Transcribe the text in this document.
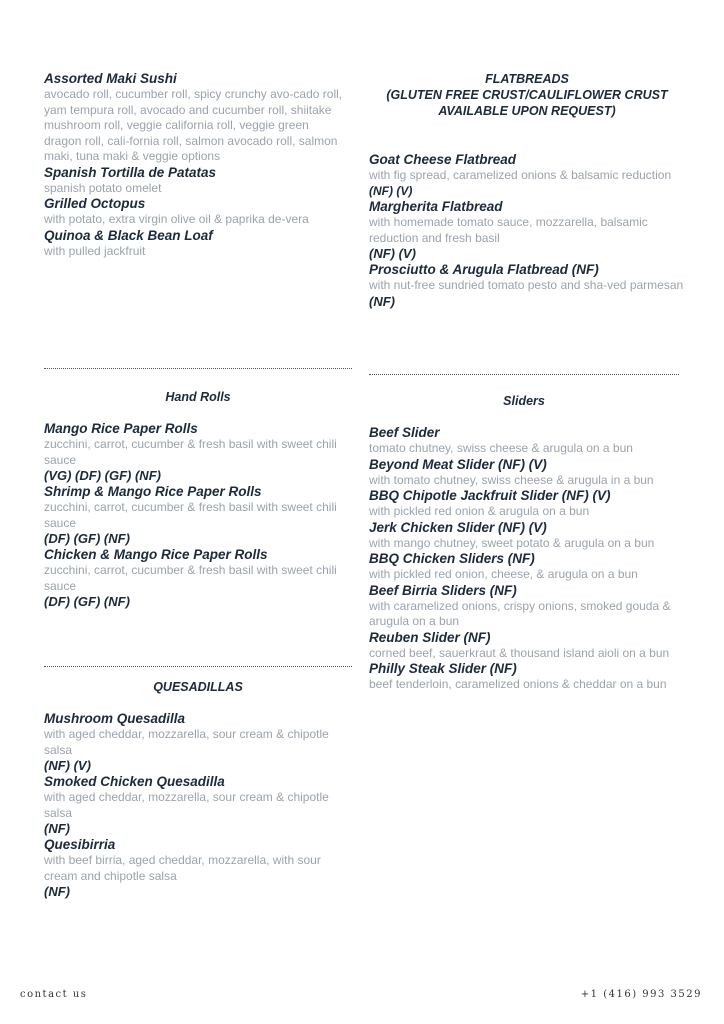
Assorted Maki Sushi
avocado roll, cucumber roll, spicy crunchy avo-cado roll, yam tempura roll, avocado and cucumber roll, shiitake mushroom roll, veggie california roll, veggie green dragon roll, cali-fornia roll, salmon avocado roll, salmon maki, tuna maki & veggie options
Spanish Tortilla de Patatas
spanish potato omelet
Grilled Octopus
with potato, extra virgin olive oil & paprika de-vera
Quinoa & Black Bean Loaf
with pulled jackfruit
FLATBREADS
(GLUTEN FREE CRUST/CAULIFLOWER CRUST
AVAILABLE UPON REQUEST)
Goat Cheese Flatbread
with fig spread, caramelized onions & balsamic reduction (NF) (V)
Margherita Flatbread
with homemade tomato sauce, mozzarella, balsamic reduction and fresh basil
(NF) (V)
Prosciutto & Arugula Flatbread (NF)
with nut-free sundried tomato pesto and sha-ved parmesan
(NF)
Hand Rolls
Mango Rice Paper Rolls
zucchini, carrot, cucumber & fresh basil with sweet chili sauce
(VG) (DF) (GF) (NF)
Shrimp & Mango Rice Paper Rolls
zucchini, carrot, cucumber & fresh basil with sweet chili sauce
(DF) (GF) (NF)
Chicken & Mango Rice Paper Rolls
zucchini, carrot, cucumber & fresh basil with sweet chili sauce
(DF) (GF) (NF)
QUESADILLAS
Mushroom Quesadilla
with aged cheddar, mozzarella, sour cream & chipotle salsa
(NF) (V)
Smoked Chicken Quesadilla
with aged cheddar, mozzarella, sour cream & chipotle salsa
(NF)
Quesibirria
with beef birria, aged cheddar, mozzarella, with sour cream and chipotle salsa
(NF)
Sliders
Beef Slider
tomato chutney, swiss cheese & arugula on a bun
Beyond Meat Slider (NF) (V)
with tomato chutney, swiss cheese & arugula in a bun
BBQ Chipotle Jackfruit Slider (NF) (V)
with pickled red onion & arugula on a bun
Jerk Chicken Slider (NF) (V)
with mango chutney, sweet potato & arugula on a bun
BBQ Chicken Sliders (NF)
with pickled red onion, cheese, & arugula on a bun
Beef Birria Sliders (NF)
with caramelized onions, crispy onions, smoked gouda & arugula on a bun
Reuben Slider (NF)
corned beef, sauerkraut & thousand island aioli on a bun
Philly Steak Slider (NF)
beef tenderloin, caramelized onions & cheddar on a bun
contact us	+1 (416) 993 3529
